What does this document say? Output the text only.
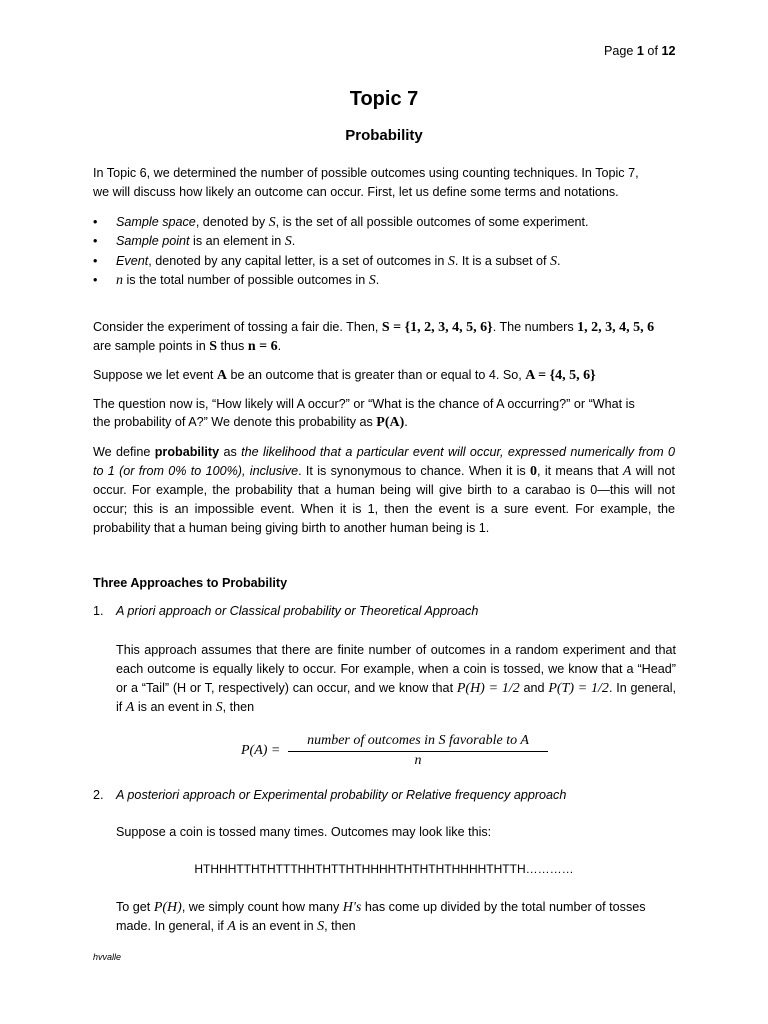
Page 1 of 12
Topic 7
Probability
In Topic 6, we determined the number of possible outcomes using counting techniques. In Topic 7,
we will discuss how likely an outcome can occur. First, let us define some terms and notations.
• Sample space, denoted by S, is the set of all possible outcomes of some experiment.
• Sample point is an element in S.
• Event, denoted by any capital letter, is a set of outcomes in S. It is a subset of S.
• n is the total number of possible outcomes in S.
Consider the experiment of tossing a fair die. Then, S = {1, 2, 3, 4, 5, 6}. The numbers 1, 2, 3, 4, 5, 6
are sample points in S thus n = 6.
Suppose we let event A be an outcome that is greater than or equal to 4. So, A = {4, 5, 6}
The question now is, “How likely will A occur?” or “What is the chance of A occurring?” or “What is
the probability of A?” We denote this probability as P(A).
We define probability as the likelihood that a particular event will occur, expressed numerically from 0 to 1 (or from 0% to 100%), inclusive. It is synonymous to chance. When it is 0, it means that A will not occur. For example, the probability that a human being will give birth to a carabao is 0—this will not occur; this is an impossible event. When it is 1, then the event is a sure event. For example, the probability that a human being giving birth to another human being is 1.
Three Approaches to Probability
1. A priori approach or Classical probability or Theoretical Approach
This approach assumes that there are finite number of outcomes in a random experiment and that each outcome is equally likely to occur. For example, when a coin is tossed, we know that a “Head” or a “Tail” (H or T, respectively) can occur, and we know that P(H) = 1/2 and P(T) = 1/2. In general, if A is an event in S, then
P(A) =
number of outcomes in S favorable to A
n
2. A posteriori approach or Experimental probability or Relative frequency approach
Suppose a coin is tossed many times. Outcomes may look like this:
HTHHHTTHTHTTTHHTHTTHTHHHHTHTHTHTHHHHTHTTH…………
To get P(H), we simply count how many H's has come up divided by the total number of tosses
made. In general, if A is an event in S, then
hvvalle
